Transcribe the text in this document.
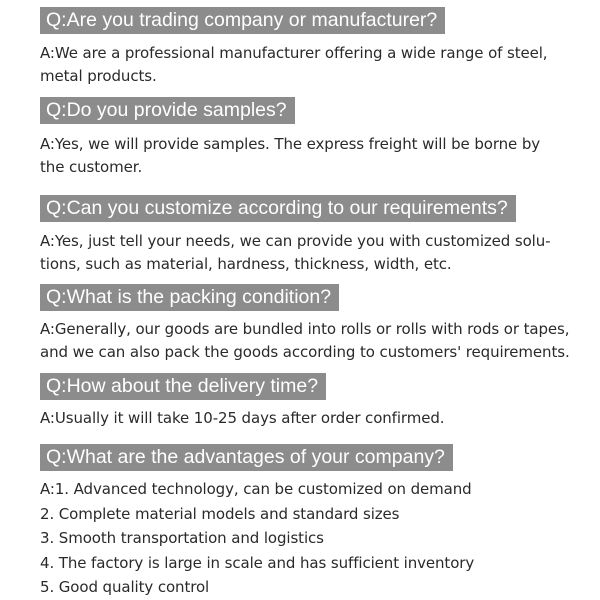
Q:Are you trading company or manufacturer?
A:We are a professional manufacturer offering a wide range of steel,
metal products.
Q:Do you provide samples?
A:Yes, we will provide samples. The express freight will be borne by
the customer.
Q:Can you customize according to our requirements?
A:Yes, just tell your needs, we can provide you with customized solu-
tions, such as material, hardness, thickness, width, etc.
Q:What is the packing condition?
A:Generally, our goods are bundled into rolls or rolls with rods or tapes,
and we can also pack the goods according to customers' requirements.
Q:How about the delivery time?
A:Usually it will take 10-25 days after order confirmed.
Q:What are the advantages of your company?
A:1. Advanced technology, can be customized on demand
2. Complete material models and standard sizes
3. Smooth transportation and logistics
4. The factory is large in scale and has sufficient inventory
5. Good quality control
